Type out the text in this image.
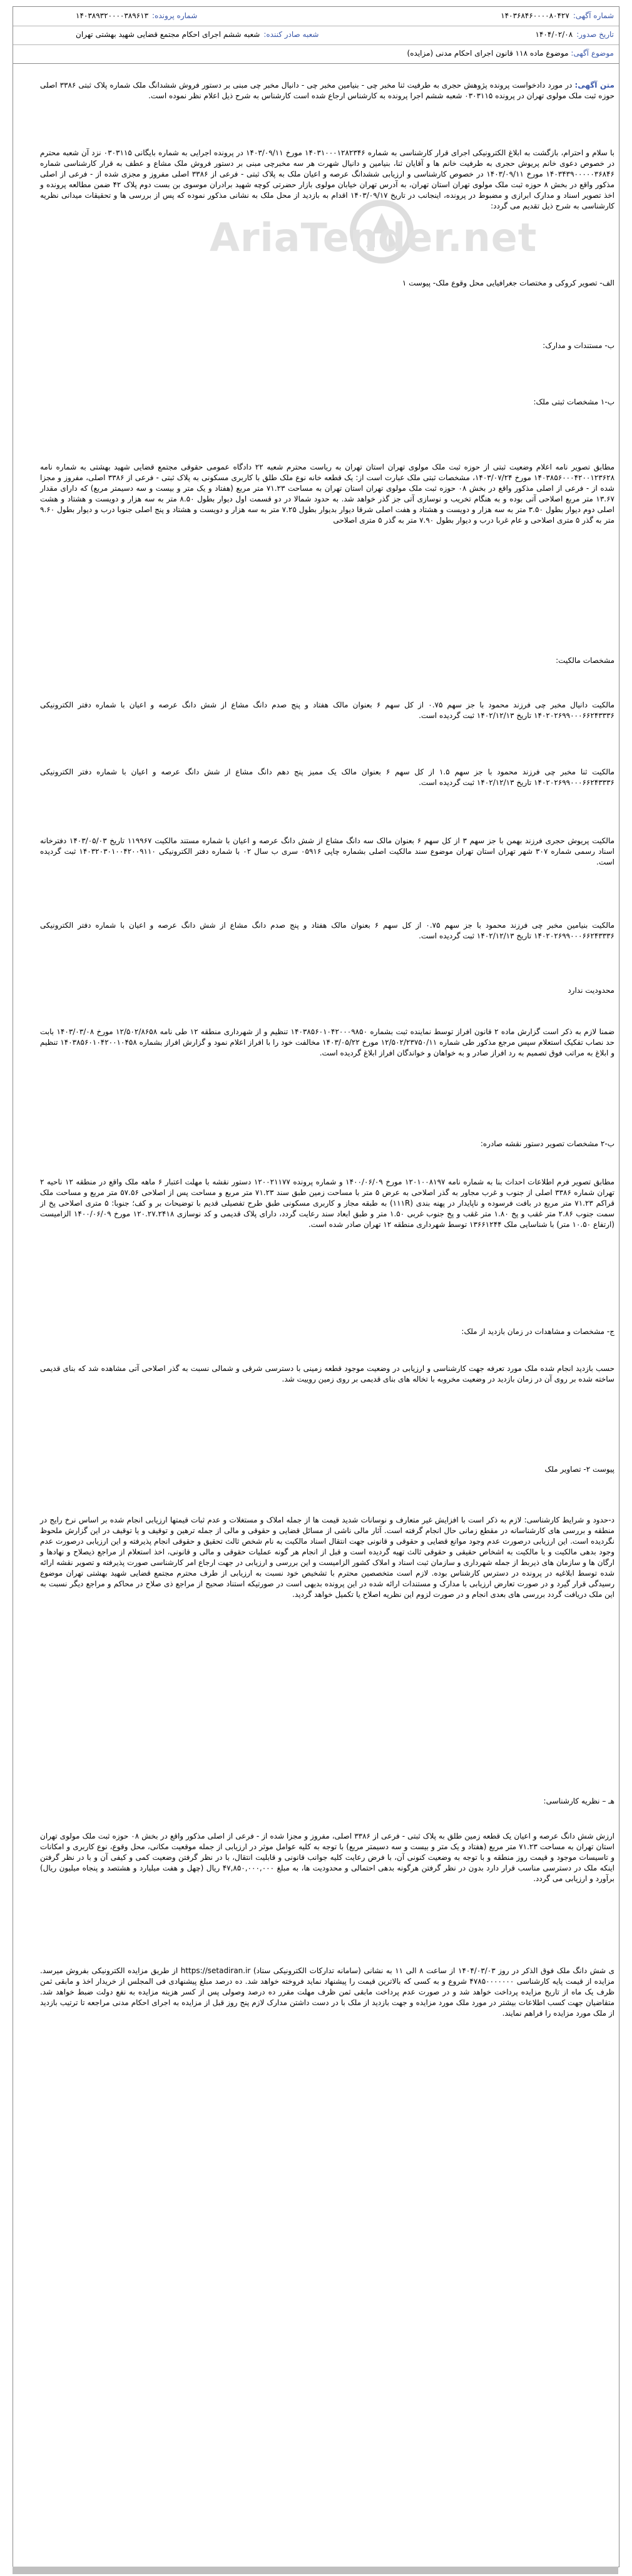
شماره آگهی:۱۴۰۳۶۸۴۶۰۰۰۰۸۰۴۲۷
شماره پرونده:۱۴۰۳۸۹۳۲۰۰۰۰۳۸۹۶۱۳
تاریخ صدور:۱۴۰۴/۰۲/۰۸
شعبه صادر کننده:شعبه ششم اجرای احکام مجتمع قضایی شهید بهشتی تهران
موضوع آگهی: موضوع ماده ۱۱۸ قانون اجرای احکام مدنی (مزایده)
AriaTender.net
متن آگهی: در مورد دادخواست پرونده پژوهش حجری به طرفیت ثنا مخبر چی - بنیامین مخبر چی - دانیال مخبر چی مبنی بر دستور فروش ششدانگ ملک شماره پلاک ثبتی ۳۳۸۶ اصلی حوزه ثبت ملک مولوی تهران در پرونده ۰۳۰۳۱۱۵ شعبه ششم اجرا پرونده به کارشناس ارجاع شده است کارشناس به شرح ذیل اعلام نظر نموده است.
با سلام و احترام، بازگشت به ابلاغ الکترونیکی اجرای قرار کارشناسی به شماره ۱۴۰۳۱۰۰۰۱۲۸۲۳۴۶ مورخ ۱۴۰۳/۰۹/۱۱ در پرونده اجرایی به شماره بایگانی ۰۳۰۳۱۱۵ نزد آن شعبه محترم در خصوص دعوی خانم پریوش حجری به طرفیت خانم ها و آقایان ثنا، بنیامین و دانیال شهرت هر سه مخبرچی مبنی بر دستور فروش ملک مشاع و عطف به قرار کارشناسی شماره ۱۴۰۳۴۳۹۰۰۰۰۰۳۶۸۴۶ مورخ ۱۴۰۳/۰۹/۱۱ در خصوص کارشناسی و ارزیابی ششدانگ عرصه و اعیان ملک به پلاک ثبتی - فرعی از ۳۳۸۶ اصلی مفروز و مجزی شده از - فرعی از اصلی مذکور واقع در بخش ۸ حوزه ثبت ملک مولوی تهران استان تهران، به آدرس تهران خیابان مولوی بازار حضرتی کوچه شهید برادران موسوی بن بست دوم پلاک ۴۲ ضمن مطالعه پرونده و اخذ تصویر اسناد و مدارک ابرازی و مضبوط در پرونده، اینجانب در تاریخ ۱۴۰۳/۰۹/۱۷ اقدام به بازدید از محل ملک به نشانی مذکور نموده که پس از بررسی ها و تحقیقات میدانی نظریه کارشناسی به شرح ذیل تقدیم می گردد:
الف- تصویر کروکی و مختصات جغرافیایی محل وقوع ملک- پیوست ۱
ب- مستندات و مدارک:
ب-۱ مشخصات ثبتی ملک:
مطابق تصویر نامه اعلام وضعیت ثبتی از حوزه ثبت ملک مولوی تهران استان تهران به ریاست محترم شعبه ۲۲ دادگاه عمومی حقوقی مجتمع قضایی شهید بهشتی به شماره نامه ۱۴۰۳۸۵۶۰۰۰۴۲۰۰۱۲۳۶۲۸ مورخ ۱۴۰۳/۰۷/۲۴، مشخصات ثبتی ملک عبارت است از: یک قطعه خانه نوع ملک طلق با کاربری مسکونی به پلاک ثبتی - فرعی از ۳۳۸۶ اصلی، مفروز و مجزا شده از - فرعی از اصلی مذکور واقع در بخش ۰۸ حوزه ثبت ملک مولوی تهران استان تهران به مساحت ۷۱.۲۳ متر مربع (هفتاد و یک متر و بیست و سه دسیمتر مربع) که دارای مقدار ۱۳.۶۷ متر مربع اصلاحی آتی بوده و به هنگام تخریب و نوسازی آتی جز گذر خواهد شد. به حدود شمالا در دو قسمت اول دیوار بطول ۸.۵۰ متر به سه هزار و دویست و هشتاد و هشت اصلی دوم دیوار بطول ۳.۵۰ متر به سه هزار و دویست و هشتاد و هفت اصلی شرقا دیوار بدیوار بطول ۷.۲۵ متر به سه هزار و دویست و هشتاد و پنج اصلی جنوبا درب و دیوار بطول ۹.۶۰ متر به گذر ۵ متری اصلاحی و عام غربا درب و دیوار بطول ۷.۹۰ متر به گذر ۵ متری اصلاحی
مشخصات مالکیت:
مالکیت دانیال مخبر چی فرزند محمود با جز سهم ۰.۷۵ از کل سهم ۶ بعنوان مالک هفتاد و پنج صدم دانگ مشاع از شش دانگ عرصه و اعیان با شماره دفتر الکترونیکی ۱۴۰۲۰۲۶۹۹۰۰۰۶۶۲۴۳۳۳۶ تاریخ ۱۴۰۲/۱۲/۱۳ ثبت گردیده است.
مالکیت ثنا مخبر چی فرزند محمود با جز سهم ۱.۵ از کل سهم ۶ بعنوان مالک یک ممیز پنج دهم دانگ مشاع از شش دانگ عرصه و اعیان با شماره دفتر الکترونیکی ۱۴۰۲۰۲۶۹۹۰۰۰۶۶۲۴۳۳۳۶ تاریخ ۱۴۰۲/۱۲/۱۳ ثبت گردیده است.
مالکیت پریوش حجری فرزند بهمن با جز سهم ۳ از کل سهم ۶ بعنوان مالک سه دانگ مشاع از شش دانگ عرصه و اعیان با شماره مستند مالکیت ۱۱۹۹۶۷ تاریخ ۱۴۰۳/۰۵/۰۳ دفترخانه اسناد رسمی شماره ۳۰۷ شهر تهران استان تهران موضوع سند مالکیت اصلی بشماره چاپی ۰۵۹۱۶ سری ب سال ۰۲ با شماره دفتر الکترونیکی ۱۴۰۳۲۰۳۰۱۰۰۴۲۰۰۹۱۱۰ ثبت گردیده است.
مالکیت بنیامین مخبر چی فرزند محمود با جز سهم ۰.۷۵ از کل سهم ۶ بعنوان مالک هفتاد و پنج صدم دانگ مشاع از شش دانگ عرصه و اعیان با شماره دفتر الکترونیکی ۱۴۰۲۰۲۶۹۹۰۰۰۶۶۲۴۳۳۳۶ تاریخ ۱۴۰۲/۱۲/۱۳ ثبت گردیده است.
محدودیت ندارد
ضمنا لازم به ذکر است گزارش ماده ۲ قانون افراز توسط نماینده ثبت بشماره ۱۴۰۳۸۵۶۰۱۰۴۲۰۰۰۹۸۵۰ تنظیم و از شهرداری منطقه ۱۲ طی نامه ۱۲/۵۰۲/۸۶۵۸ مورخ ۱۴۰۳/۰۳/۰۸ بابت حد نصاب تفکیک استعلام سپس مرجع مذکور طی شماره ۱۲/۵۰۲/۲۳۷۵۰/۱۱ مورخ ۱۴۰۳/۰۵/۲۲ مخالفت خود را با افراز اعلام نمود و گزارش افراز بشماره ۱۴۰۳۸۵۶۰۱۰۴۲۰۰۱۰۴۵۸ تنظیم و ابلاغ به مراتب فوق تصمیم به رد افراز صادر و به خواهان و خواندگان افراز ابلاغ گردیده است.
ب-۲ مشخصات تصویر دستور نقشه صادره:
مطابق تصویر فرم اطلاعات احداث بنا به شماره نامه ۱۲۰۱۰۰۸۱۹۷ مورخ ۱۴۰۰/۰۶/۰۹ و شماره پرونده ۱۲۰۰۲۱۱۷۷ دستور نقشه با مهلت اعتبار ۶ ماهه ملک واقع در منطقه ۱۲ ناحیه ۲ تهران شماره ۳۳۸۶ اصلی از جنوب و غرب مجاور به گذر اصلاحی به عرض ۵ متر با مساحت زمین طبق سند ۷۱.۲۳ متر مربع و مساحت پس از اصلاحی ۵۷.۵۶ متر مربع و مساحت ملک قراکم ۷۱.۲۳ متر مربع در بافت فرسوده و ناپایدار در پهنه بندی (۱۱۱R) به طبقه مجاز و کاربری مسکونی طبق طرح تفصیلی قدیم با توضیحات بر و کف؛ جنوبا: ۵ متری اصلاحی پخ از سمت جنوب ۲.۸۶ متر غقب و پخ ۱.۸۰ متر غقب و پخ جنوب غربی ۱.۵۰ متر و طبق ابعاد سند رعایت گردد، دارای پلاک قدیمی و کد نوسازی ۱۲۰.۲۷.۲۴۱۸ مورخ ۱۴۰۰/۰۶/۰۹ الزامیست (ارتفاع ۱۰.۵۰ متر) با شناسایی ملک ۱۳۶۶۱۲۴۴ توسط شهرداری منطقه ۱۲ تهران صادر شده است.
ج- مشخصات و مشاهدات در زمان بازدید از ملک:
حسب بازدید انجام شده ملک مورد تعرفه جهت کارشناسی و ارزیابی در وضعیت موجود قطعه زمینی با دسترسی شرقی و شمالی نسبت به گذر اصلاحی آتی مشاهده شد که بنای قدیمی ساخته شده بر روی آن در زمان بازدید در وضعیت مخروبه با تخاله های بنای قدیمی بر روی زمین روییت شد.
پیوست ۲- تصاویر ملک
د-حدود و شرایط کارشناسی: لازم به ذکر است با افزایش غیر متعارف و نوسانات شدید قیمت ها از جمله املاک و مستغلات و عدم ثبات قیمتها ارزیابی انجام شده بر اساس نرخ رایج در منطقه و بررسی های کارشناسانه در مقطع زمانی حال انجام گرفته است. آثار مالی ناشی از مسائل قضایی و حقوقی و مالی از جمله ترهین و توقیف و یا توقیف در این گزارش ملحوظ نگردیده است. این ارزیابی درصورت عدم وجود موانع قضایی و حقوقی و قانونی جهت انتقال اسناد مالکیت به نام شخص ثالث تحقیق و حقوقی انجام پذیرفته و این ارزیابی درصورت عدم وجود بدهی مالکیت و با مالکیت به اشخاص حقیقی و حقوقی ثالث تهیه گردیده است و قبل از انجام هر گونه عملیات حقوقی و مالی و قانونی، اخذ استعلام از مراجع ذیصلاح و نهادها و ارگان ها و سازمان های ذیربط از جمله شهرداری و سازمان ثبت اسناد و املاک کشور الزامیست و این بررسی و ارزیابی در جهت ارجاع امر کارشناسی صورت پذیرفته و تصویر نقشه ارائه شده توسط ابلاغیه در پرونده در دسترس کارشناس بوده. لازم است متخصصین محترم با تشخیص خود نسبت به ارزیابی از طرف محترم مجتمع قضایی شهید بهشتی تهران موضوع رسیدگی قرار گیرد و در صورت تعارض ارزیابی با مدارک و مستندات ارائه شده در این پرونده بدیهی است در صورتیکه استناد صحیح از مراجع ذی صلاح در محاکم و مراجع دیگر نسبت به این ملک دریافت گردد بررسی های بعدی انجام و در صورت لزوم این نظریه اصلاح یا تکمیل خواهد گردید.
هـ – نظریه کارشناسی:
ارزش شش دانگ عرصه و اعیان یک قطعه زمین طلق به پلاک ثبتی - فرعی از ۳۳۸۶ اصلی، مفروز و مجزا شده از - فرعی از اصلی مذکور واقع در بخش ۰۸ حوزه ثبت ملک مولوی تهران استان تهران به مساحت ۷۱.۲۳ متر مربع (هفتاد و یک متر و بیست و سه دسیمتر مربع) با توجه به کلیه عوامل موثر در ارزیابی از جمله موقعیت مکانی، محل وقوع، نوع کاربری و امکانات و تاسیسات موجود و قیمت روز منطقه و با توجه به وضعیت کنونی آن، با فرض رعایت کلیه جوانب قانونی و قابلیت انتقال، با در نظر گرفتن وضعیت کمی و کیفی آن و با در نظر گرفتن اینکه ملک در دسترسی مناسب قرار دارد بدون در نظر گرفتن هرگونه بدهی احتمالی و محدودیت ها، به مبلغ ۴۷,۸۵۰,۰۰۰,۰۰۰ ریال (چهل و هفت میلیارد و هشتصد و پنجاه میلیون ریال) برآورد و ارزیابی می گردد.
ی شش دانگ ملک فوق الذکر در روز ۱۴۰۴/۰۳/۰۳ از ساعت ۸ الی ۱۱ به نشانی (سامانه تدارکات الکترونیکی ستاد) https://setadiran.ir از طریق مزایده الکترونیکی بفروش میرسد. مزایده از قیمت پایه کارشناسی ۴۷۸۵۰۰۰۰۰۰۰ شروع و به کسی که بالاترین قیمت را پیشنهاد نماید فروخته خواهد شد. ده درصد مبلغ پیشنهادی فی المجلس از خریدار اخذ و مابقی ثمن ظرف یک ماه از تاریخ مزایده پرداخت خواهد شد و در صورت عدم پرداخت مابقی ثمن ظرف مهلت مقرر ده درصد وصولی پس از کسر هزینه مزایده به نفع دولت ضبط خواهد شد. متقاضیان جهت کسب اطلاعات بیشتر در مورد ملک مورد مزایده و جهت بازدید از ملک با در دست داشتن مدارک لازم پنج روز قبل از مزایده به اجرای احکام مدنی مراجعه تا ترتیب بازدید از ملک مورد مزایده را فراهم نمایند.
